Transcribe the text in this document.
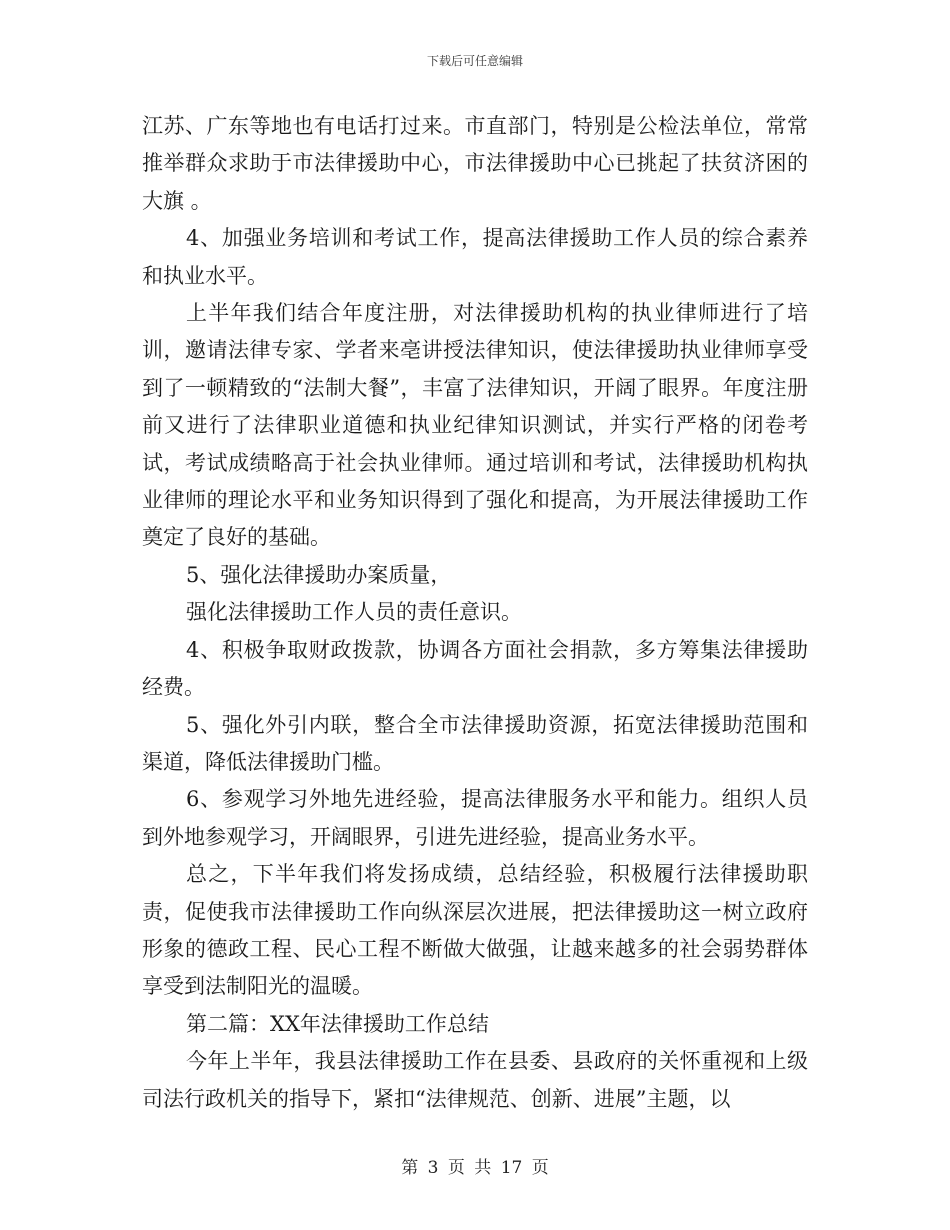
下载后可任意编辑

江苏、广东等地也有电话打过来。市直部门，特别是公检法单位，常常推举群众求助于市法律援助中心，市法律援助中心已挑起了扶贫济困的大旗 。

4、加强业务培训和考试工作，提高法律援助工作人员的综合素养和执业水平。

上半年我们结合年度注册，对法律援助机构的执业律师进行了培训，邀请法律专家、学者来亳讲授法律知识，使法律援助执业律师享受到了一顿精致的“法制大餐”，丰富了法律知识，开阔了眼界。年度注册前又进行了法律职业道德和执业纪律知识测试，并实行严格的闭卷考试，考试成绩略高于社会执业律师。通过培训和考试，法律援助机构执业律师的理论水平和业务知识得到了强化和提高，为开展法律援助工作奠定了良好的基础。

5、强化法律援助办案质量，

强化法律援助工作人员的责任意识。

4、积极争取财政拨款，协调各方面社会捐款，多方筹集法律援助经费。

5、强化外引内联，整合全市法律援助资源，拓宽法律援助范围和渠道，降低法律援助门槛。

6、参观学习外地先进经验，提高法律服务水平和能力。组织人员到外地参观学习，开阔眼界，引进先进经验，提高业务水平。

总之，下半年我们将发扬成绩，总结经验，积极履行法律援助职责，促使我市法律援助工作向纵深层次进展，把法律援助这一树立政府形象的德政工程、民心工程不断做大做强，让越来越多的社会弱势群体享受到法制阳光的温暖。

第二篇：XX年法律援助工作总结

今年上半年，我县法律援助工作在县委、县政府的关怀重视和上级司法行政机关的指导下，紧扣“法律规范、创新、进展”主题，以

第 3 页 共 17 页
